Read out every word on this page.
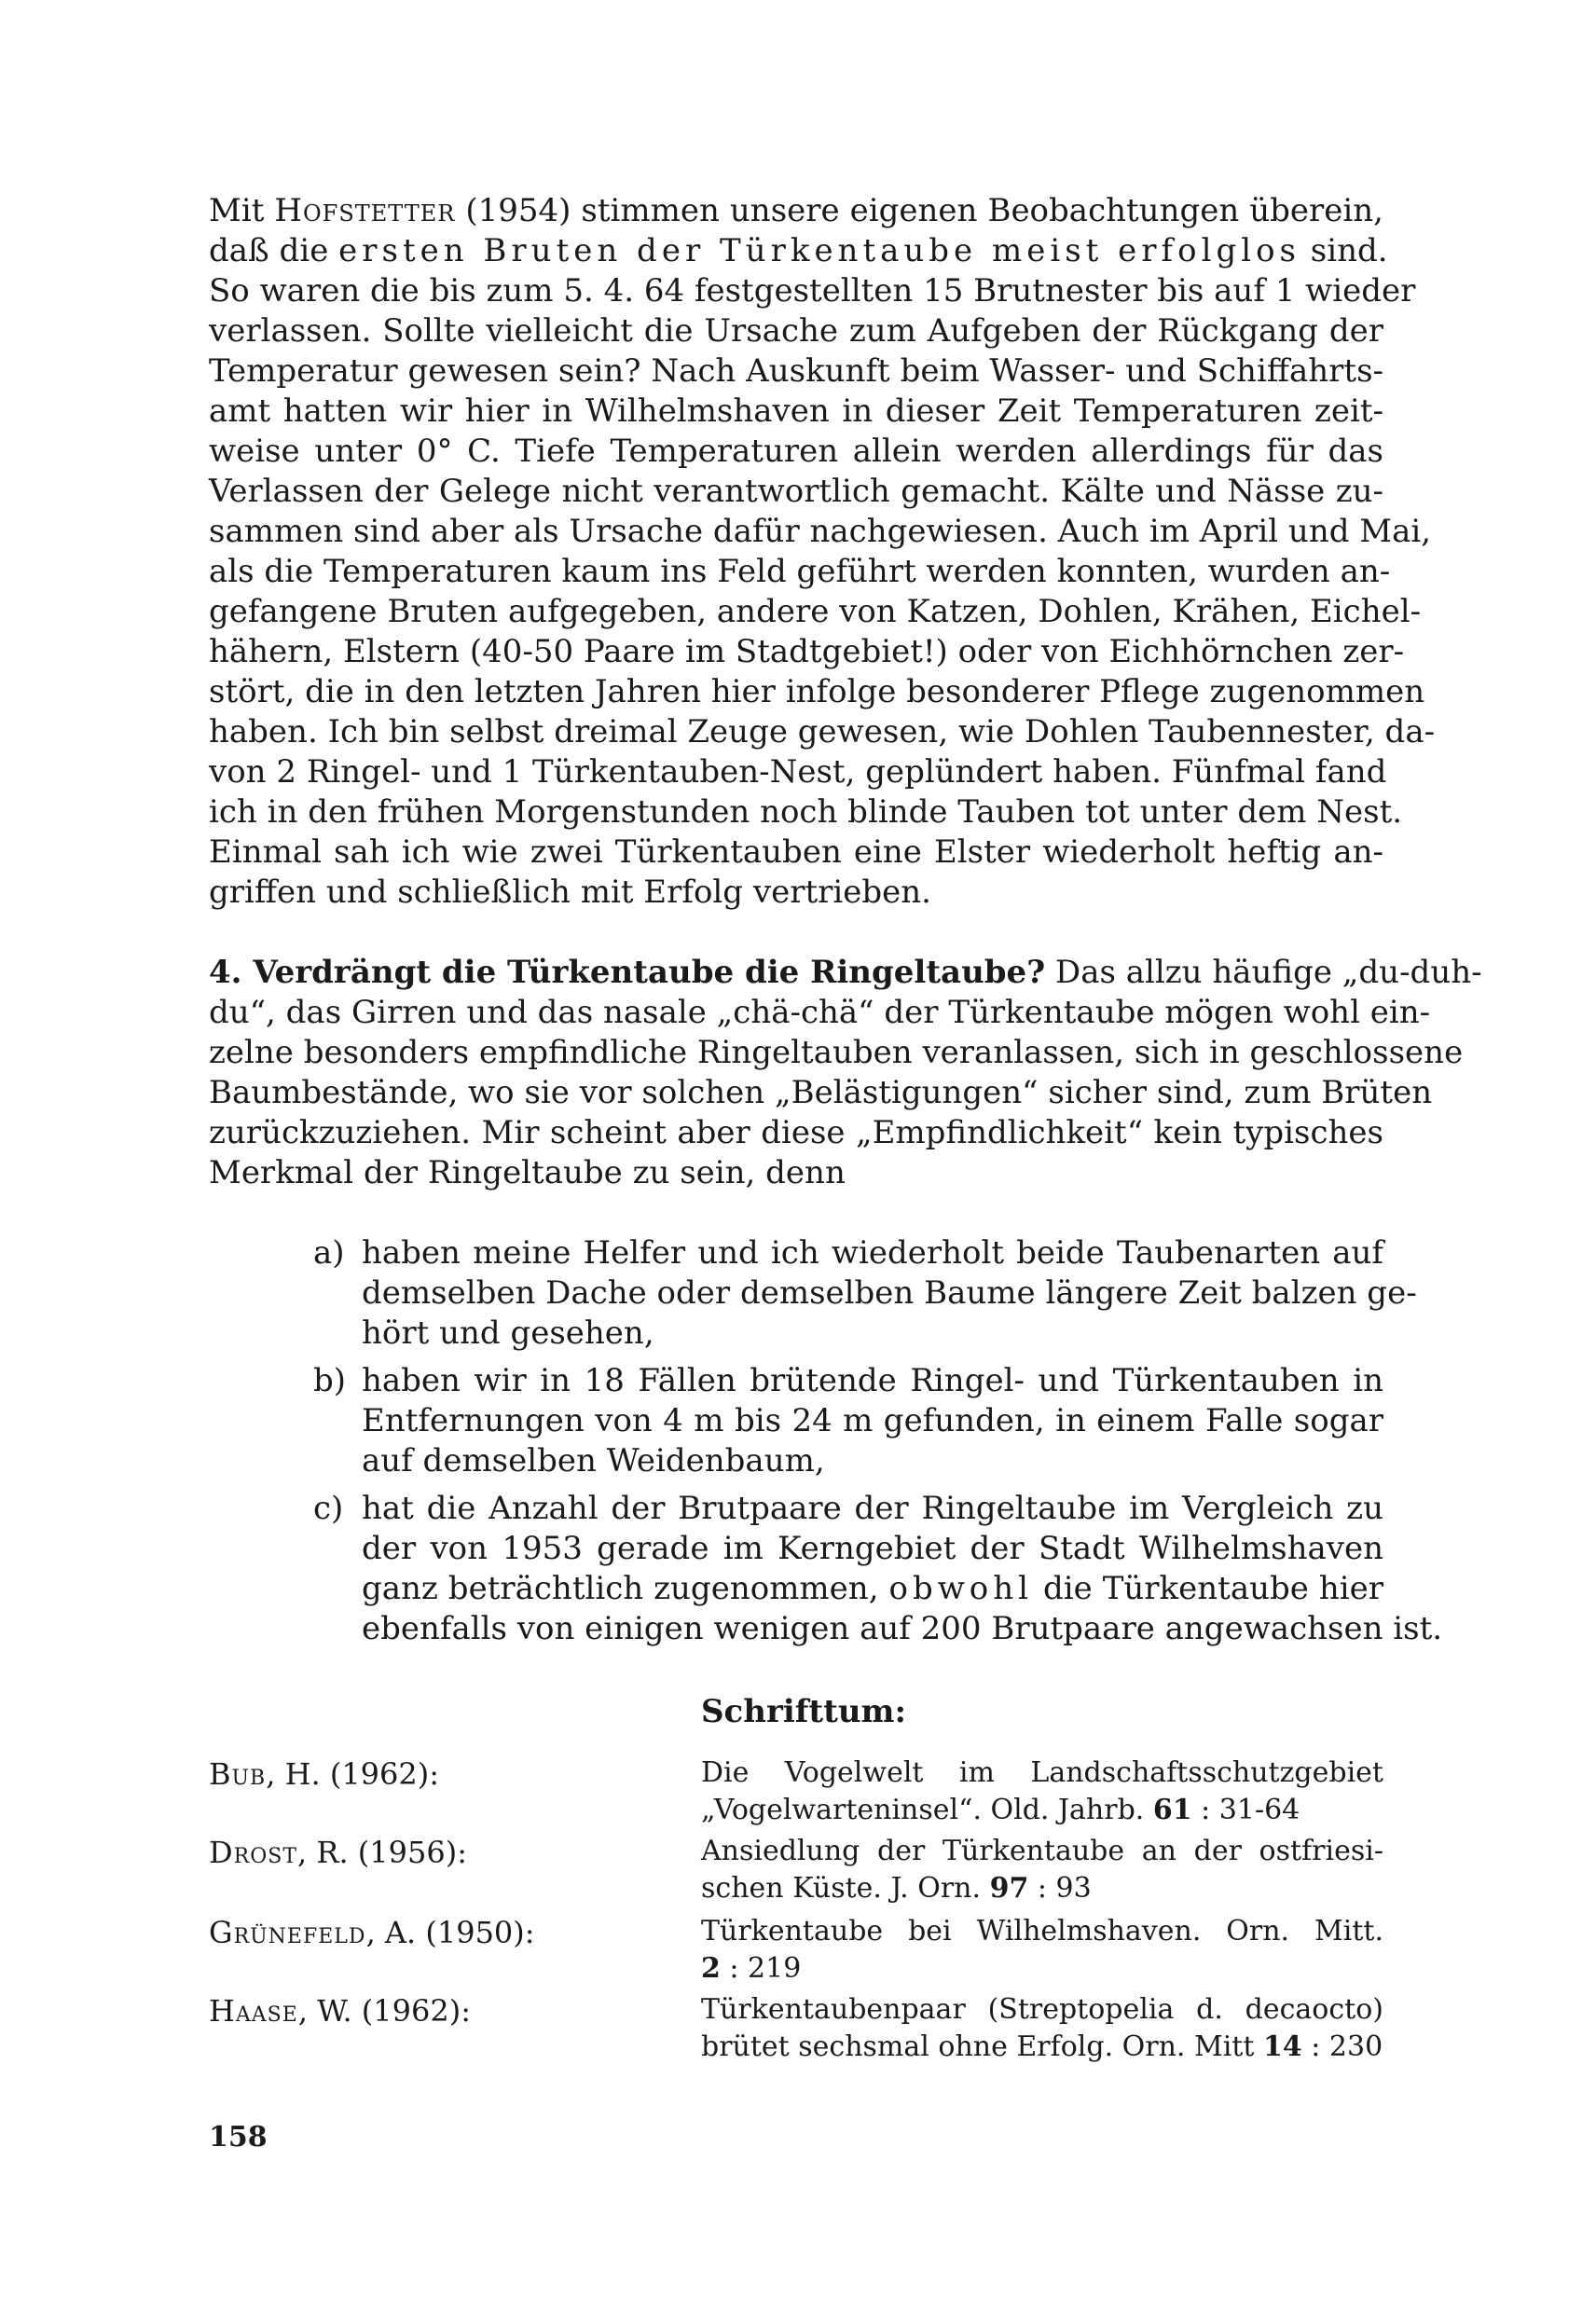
Mit Hofstetter (1954) stimmen unsere eigenen Beobachtungen überein,
daß die ersten Bruten der Türkentaube meist erfolglos sind.
So waren die bis zum 5. 4. 64 festgestellten 15 Brutnester bis auf 1 wieder
verlassen. Sollte vielleicht die Ursache zum Aufgeben der Rückgang der
Temperatur gewesen sein? Nach Auskunft beim Wasser- und Schiffahrts-
amt hatten wir hier in Wilhelmshaven in dieser Zeit Temperaturen zeit-
weise unter 0° C. Tiefe Temperaturen allein werden allerdings für das
Verlassen der Gelege nicht verantwortlich gemacht. Kälte und Nässe zu-
sammen sind aber als Ursache dafür nachgewiesen. Auch im April und Mai,
als die Temperaturen kaum ins Feld geführt werden konnten, wurden an-
gefangene Bruten aufgegeben, andere von Katzen, Dohlen, Krähen, Eichel-
hähern, Elstern (40-50 Paare im Stadtgebiet!) oder von Eichhörnchen zer-
stört, die in den letzten Jahren hier infolge besonderer Pflege zugenommen
haben. Ich bin selbst dreimal Zeuge gewesen, wie Dohlen Taubennester, da-
von 2 Ringel- und 1 Türkentauben-Nest, geplündert haben. Fünfmal fand
ich in den frühen Morgenstunden noch blinde Tauben tot unter dem Nest.
Einmal sah ich wie zwei Türkentauben eine Elster wiederholt heftig an-
griffen und schließlich mit Erfolg vertrieben.
4. Verdrängt die Türkentaube die Ringeltaube? Das allzu häufige „du-duh-
du“, das Girren und das nasale „chä-chä“ der Türkentaube mögen wohl ein-
zelne besonders empfindliche Ringeltauben veranlassen, sich in geschlossene
Baumbestände, wo sie vor solchen „Belästigungen“ sicher sind, zum Brüten
zurückzuziehen. Mir scheint aber diese „Empfindlichkeit“ kein typisches
Merkmal der Ringeltaube zu sein, denn
a) haben meine Helfer und ich wiederholt beide Taubenarten auf
demselben Dache oder demselben Baume längere Zeit balzen ge-
hört und gesehen,
b) haben wir in 18 Fällen brütende Ringel- und Türkentauben in
Entfernungen von 4 m bis 24 m gefunden, in einem Falle sogar
auf demselben Weidenbaum,
c) hat die Anzahl der Brutpaare der Ringeltaube im Vergleich zu
der von 1953 gerade im Kerngebiet der Stadt Wilhelmshaven
ganz beträchtlich zugenommen, obwohl die Türkentaube hier
ebenfalls von einigen wenigen auf 200 Brutpaare angewachsen ist.
Schrifttum:
Bub, H. (1962):	Die Vogelwelt im Landschaftsschutzgebiet
„Vogelwarteninsel“. Old. Jahrb. 61 : 31-64
Drost, R. (1956):	Ansiedlung der Türkentaube an der ostfriesi-
schen Küste. J. Orn. 97 : 93
Grünefeld, A. (1950):	Türkentaube bei Wilhelmshaven. Orn. Mitt.
2 : 219
Haase, W. (1962):	Türkentaubenpaar (Streptopelia d. decaocto)
brütet sechsmal ohne Erfolg. Orn. Mitt 14 : 230
158
